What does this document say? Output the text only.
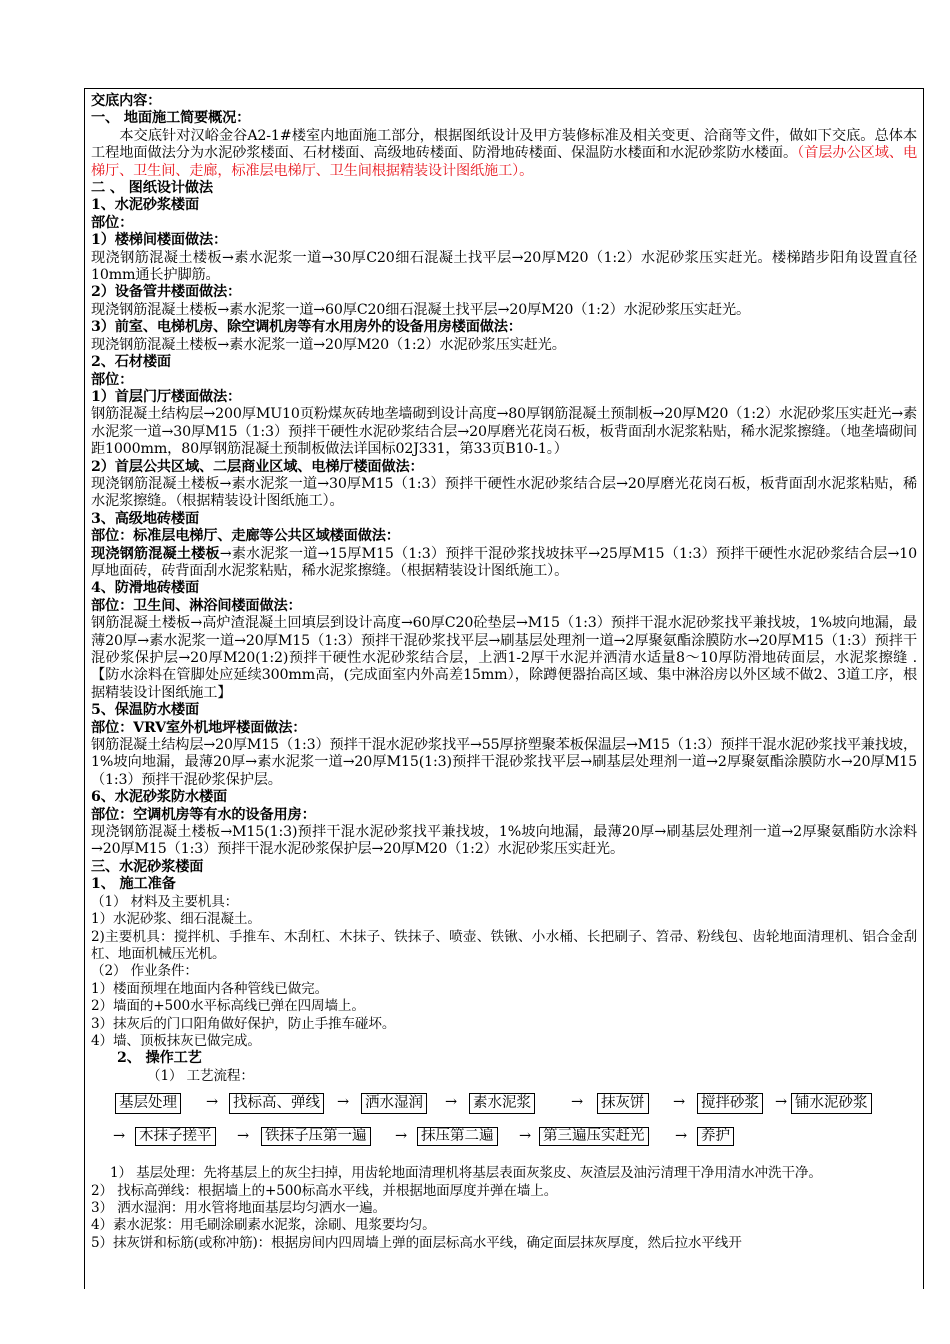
交底内容：

一、 地面施工简要概况：

本交底针对汉峪金谷A2-1#楼室内地面施工部分，根据图纸设计及甲方装修标准及相关变更、洽商等文件，做如下交底。总体本工程地面做法分为水泥砂浆楼面、石材楼面、高级地砖楼面、防滑地砖楼面、保温防水楼面和水泥砂浆防水楼面。（首层办公区域、电梯厅、卫生间、走廊，标准层电梯厅、卫生间根据精装设计图纸施工）。

二 、 图纸设计做法

1、水泥砂浆楼面

部位：

1）楼梯间楼面做法：

现浇钢筋混凝土楼板→素水泥浆一道→30厚C20细石混凝土找平层→20厚M20（1:2）水泥砂浆压实赶光。楼梯踏步阳角设置直径10mm通长护脚筋。

2）设备管井楼面做法：

现浇钢筋混凝土楼板→素水泥浆一道→60厚C20细石混凝土找平层→20厚M20（1:2）水泥砂浆压实赶光。

3）前室、电梯机房、除空调机房等有水用房外的设备用房楼面做法：

现浇钢筋混凝土楼板→素水泥浆一道→20厚M20（1:2）水泥砂浆压实赶光。

2、石材楼面

部位：

1）首层门厅楼面做法：

钢筋混凝土结构层→200厚MU10页粉煤灰砖地垄墙砌到设计高度→80厚钢筋混凝土预制板→20厚M20（1:2）水泥砂浆压实赶光→素水泥浆一道→30厚M15（1:3）预拌干硬性水泥砂浆结合层→20厚磨光花岗石板，板背面刮水泥浆粘贴，稀水泥浆擦缝。（地垄墙砌间距1000mm，80厚钢筋混凝土预制板做法详国标02J331，第33页B10-1。）

2）首层公共区域、二层商业区域、电梯厅楼面做法：

现浇钢筋混凝土楼板→素水泥浆一道→30厚M15（1:3）预拌干硬性水泥砂浆结合层→20厚磨光花岗石板，板背面刮水泥浆粘贴，稀水泥浆擦缝。（根据精装设计图纸施工）。

3、高级地砖楼面

部位：标准层电梯厅、走廊等公共区域楼面做法：

现浇钢筋混凝土楼板→素水泥浆一道→15厚M15（1:3）预拌干混砂浆找坡抹平→25厚M15（1:3）预拌干硬性水泥砂浆结合层→10厚地面砖，砖背面刮水泥浆粘贴，稀水泥浆擦缝。（根据精装设计图纸施工）。

4、防滑地砖楼面

部位：卫生间、淋浴间楼面做法：

钢筋混凝土楼板→高炉渣混凝土回填层到设计高度→60厚C20砼垫层→M15（1:3）预拌干混水泥砂浆找平兼找坡，1%坡向地漏，最薄20厚→素水泥浆一道→20厚M15（1:3）预拌干混砂浆找平层→刷基层处理剂一道→2厚聚氨酯涂膜防水→20厚M15（1:3）预拌干混砂浆保护层→20厚M20(1:2)预拌干硬性水泥砂浆结合层，上洒1-2厚干水泥并洒清水适量8～10厚防滑地砖面层，水泥浆擦缝 .【防水涂料在管脚处应延续300mm高，(完成面室内外高差15mm），除蹲便器抬高区域、集中淋浴房以外区域不做2、3道工序，根据精装设计图纸施工】

5、保温防水楼面

部位：VRV室外机地坪楼面做法：

钢筋混凝土结构层→20厚M15（1:3）预拌干混水泥砂浆找平→55厚挤塑聚苯板保温层→M15（1:3）预拌干混水泥砂浆找平兼找坡，1%坡向地漏，最薄20厚→素水泥浆一道→20厚M15(1:3)预拌干混砂浆找平层→刷基层处理剂一道→2厚聚氨酯涂膜防水→20厚M15（1:3）预拌干混砂浆保护层。

6、水泥砂浆防水楼面

部位：空调机房等有水的设备用房：

现浇钢筋混凝土楼板→M15(1:3)预拌干混水泥砂浆找平兼找坡，1%坡向地漏，最薄20厚→刷基层处理剂一道→2厚聚氨酯防水涂料→20厚M15（1:3）预拌干混水泥砂浆保护层→20厚M20（1:2）水泥砂浆压实赶光。

三、水泥砂浆楼面

1、 施工准备

（1） 材料及主要机具：

1）水泥砂浆、细石混凝土。

2)主要机具：搅拌机、手推车、木刮杠、木抹子、铁抹子、喷壶、铁锹、小水桶、长把刷子、笤帚、粉线包、齿轮地面清理机、铝合金刮杠、地面机械压光机。

（2） 作业条件：

1）楼面预埋在地面内各种管线已做完。

2）墙面的+500水平标高线已弹在四周墙上。

3）抹灰后的门口阳角做好保护，防止手推车碰坏。

4）墙、顶板抹灰已做完成。

2、 操作工艺

（1） 工艺流程：

基层处理 → 找标高、弹线 → 洒水湿润 → 素水泥浆	→ 抹灰饼 → 搅拌砂浆 → 铺水泥砂浆
→ 木抹子搓平 → 铁抹子压第一遍 → 抹压第二遍 → 第三遍压实赶光 → 养护

1） 基层处理：先将基层上的灰尘扫掉，用齿轮地面清理机将基层表面灰浆皮、灰渣层及油污清理干净用清水冲洗干净。

2） 找标高弹线：根据墙上的+500标高水平线，并根据地面厚度并弹在墙上。

3） 洒水湿润：用水管将地面基层均匀洒水一遍。

4）素水泥浆：用毛刷涂刷素水泥浆，涂刷、甩浆要均匀。

5）抹灰饼和标筋(或称冲筋)：根据房间内四周墙上弹的面层标高水平线，确定面层抹灰厚度，然后拉水平线开
